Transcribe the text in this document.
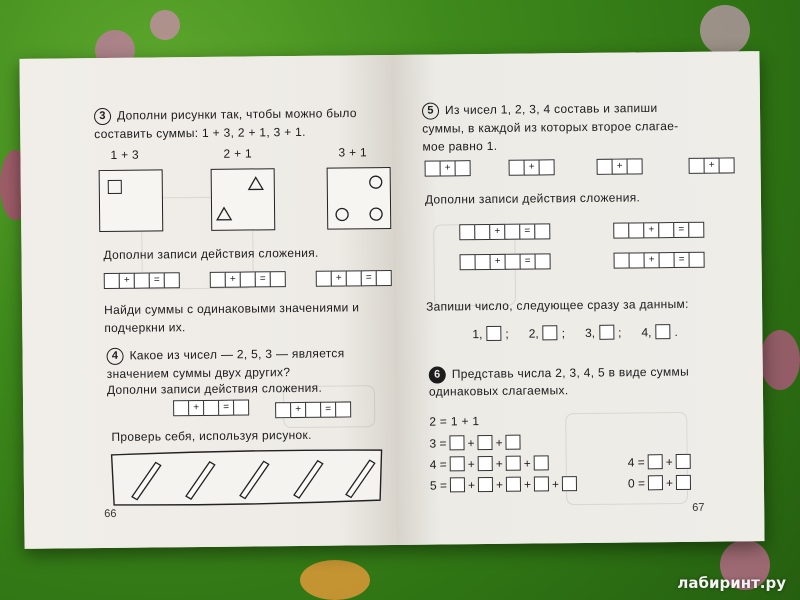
3 Дополни рисунки так, чтобы можно было
составить суммы: 1 + 3, 2 + 1, 3 + 1.
1 + 3	2 + 1	3 + 1
Дополни записи действия сложения.
+	=	+	=	+	=
Найди суммы с одинаковыми значениями и
подчеркни их.
4 Какое из чисел — 2, 5, 3 — является
значением суммы двух других?
Дополни записи действия сложения.
+	=	+	=
Проверь себя, используя рисунок.
66
5 Из чисел 1, 2, 3, 4 составь и запиши
суммы, в каждой из которых второе слагае-
мое равно 1.
+	+	+	+
Дополни записи действия сложения.
+	=	+	=
+	=	+	=
Запиши число, следующее сразу за данным:
1, ; 2, ; 3, ; 4, .
6 Представь числа 2, 3, 4, 5 в виде суммы
одинаковых слагаемых.
2 = 1 + 1
3 = + +
4 = + + +
5 = + + + +
4 = +
0 = +
67
лабиринт.ру
